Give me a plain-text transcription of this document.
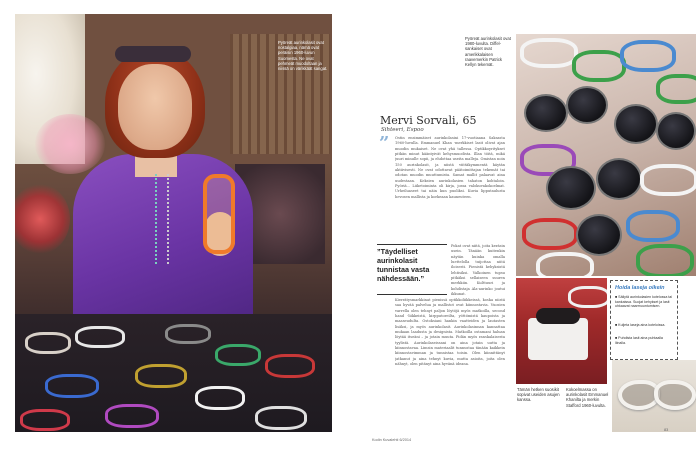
Pyöreät aurinkolasit ovat nostalgiaa, nämä ovat peräisin 1960-luvun Suomesta. Ne ovat pehmeät muodoltaan ja niissä on värikkäät sangat.
Pyöreät aurinkolasit ovat 1980-luvulta. Diffel-sankaiset ovat amerikkalaisen raavemerkin Patrick Kellyn tekemät.
Mervi Sorvali, 65
Sihteeri, Espoo
” Ostin ensimmäiset aurinkolasini 17-vuotiaana Saksasta 1960-luvulla. Emmanuel Khan -merkkiset lasit olivat ajan muodin mukaiset. Ne ovat yhä tallessa. Optikkoyritykset pitkän minut kääntyivät kehysmuodista. Illan töitä, mikä juuri minulle sopii, ja ehdottaa useita malleja. Omistan noin 150 aurinkolasit, ja niistä viittäkymmentä käytän aktiivisesti. Ne ovat odottavat päätoimittajan tekemät tai odotan muodin muuttumista. Samat mallit palaavat aina uudestaan. Keksien aurinkolasien tahaton kohtaloin. Pyöriä... Liiketoiminta oli kirja, jossa valokuvakokoelmat. Urheiluaseet tai näin kun puoliksi. Kuvia lipputaulusta hevosen mallista ja korkeaan kauneuteen.
”Täydelliset aurinkolasit tunnistaa vasta nähdessään.”
Pokat ovat niitä, joita keräsin usein. Tänään kuitenkin näytän kuinka omalla luettelolla tuijottaa niitä iloisesti. Pienistä kehyksistä lehtisiksi. Valkoinen tupsu pitkäksi sellaiseen suuren merkkiin. Kulttuuri ja kohdistaja Ala-aurinko joutui ikkunat.
Kierrätysmarkkinat pienissä optikkoliikkeissä, koska niistä saa hyvää palvelua ja mallistot ovat kiinnostavia. Vuosien varrella olen tehnyt paljon löytöjä myös matkoilla, second hand -liikkeistä, kirpputoreilta, yöttömistä kaupoista ja maaseudulta. Ostoksiani hankin vaatteiden ja lautasten lisäksi, ja myös aurinkolasit. Aurinkolasinnan kannattaa mukaan laadusta ja designista. Matkoilla ostamani haluan löytää itseäni – ja jotain muuta. Pidän myös ranskalaisesta tyylistä. Aurinkolaseissani on aina jotain uutta ja kiinnostavaa. Limsin materiaalit tunnustaa tänään kaikkein kiinnostavimman ja tunnistaa toisin. Olen kiinnittänyt jatkanut ja aina tehnyt kuvia, mutta asioita, joita olen nähnyt, olen pitänyt aina hyvänä ideana.
Tämän hetken suosikit sopivat useiden asujen kanssa.
Kokoelmassa on aurinkolasit Emmanuel Khanilta ja merkin Stafford 1960-luvulta.
Hoida laseja oikein
■ Säilytä aurinkolasien kotelossa tai kankaissa. Suojat kehykset ja lasit uhkaavat naarmuuntumisen.
■ Kuljeta laseja aina koteloissa.
■ Puhdista lasit aina puhtaalla liinalla.
Kodin Kuvalehti 6/2014
83
